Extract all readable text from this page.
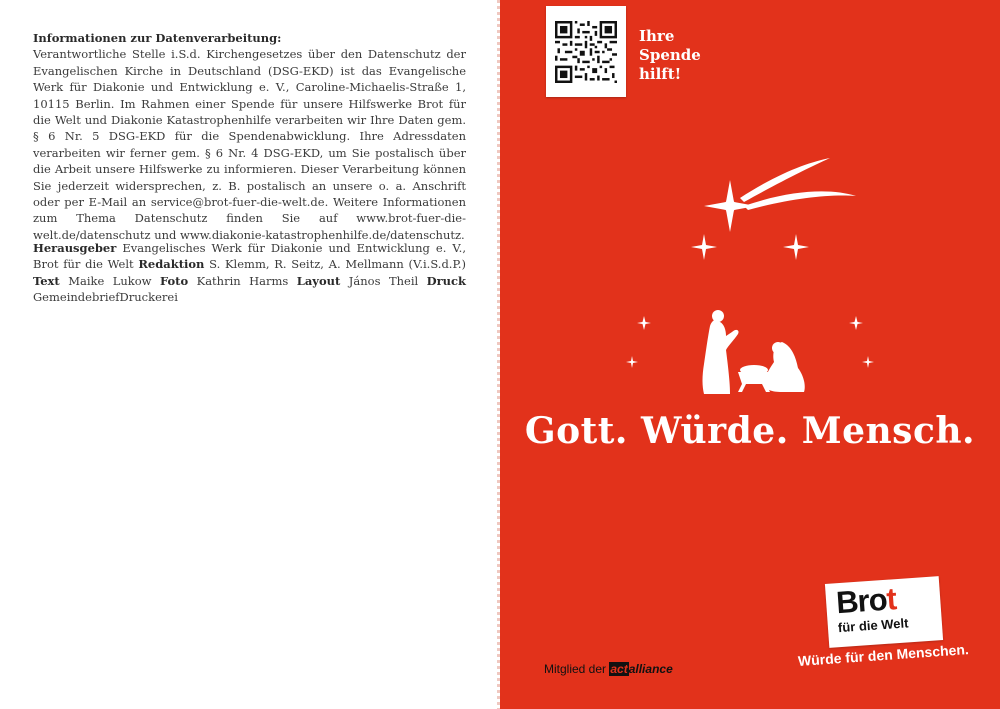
Informationen zur Datenverarbeitung:
Verantwortliche Stelle i.S.d. Kirchengesetzes über den Datenschutz der Evangelischen Kirche in Deutschland (DSG-EKD) ist das Evangelische Werk für Diakonie und Entwicklung e. V., Caroline-Michaelis-Straße 1, 10115 Berlin. Im Rahmen einer Spende für unsere Hilfswerke Brot für die Welt und Diakonie Katastrophenhilfe verarbeiten wir Ihre Daten gem. § 6 Nr. 5 DSG-EKD für die Spendenabwicklung. Ihre Adressdaten verarbeiten wir ferner gem. § 6 Nr. 4 DSG-EKD, um Sie postalisch über die Arbeit unsere Hilfswerke zu informieren. Dieser Verarbeitung können Sie jederzeit widersprechen, z. B. postalisch an unsere o. a. Anschrift oder per E-Mail an service@brot-fuer-die-welt.de. Weitere Informationen zum Thema Datenschutz finden Sie auf www.brot-fuer-die-welt.de/datenschutz und www.diakonie-katastrophenhilfe.de/datenschutz.
Herausgeber Evangelisches Werk für Diakonie und Entwicklung e. V., Brot für die Welt Redaktion S. Klemm, R. Seitz, A. Mellmann (V.i.S.d.P.) Text Maike Lukow Foto Kathrin Harms Layout János Theil Druck GemeindebriefDruckerei
Ihre
Spende
hilft!
Gott. Würde. Mensch.
Mitglied der actalliance
Brot
für die Welt
Würde für den Menschen.
